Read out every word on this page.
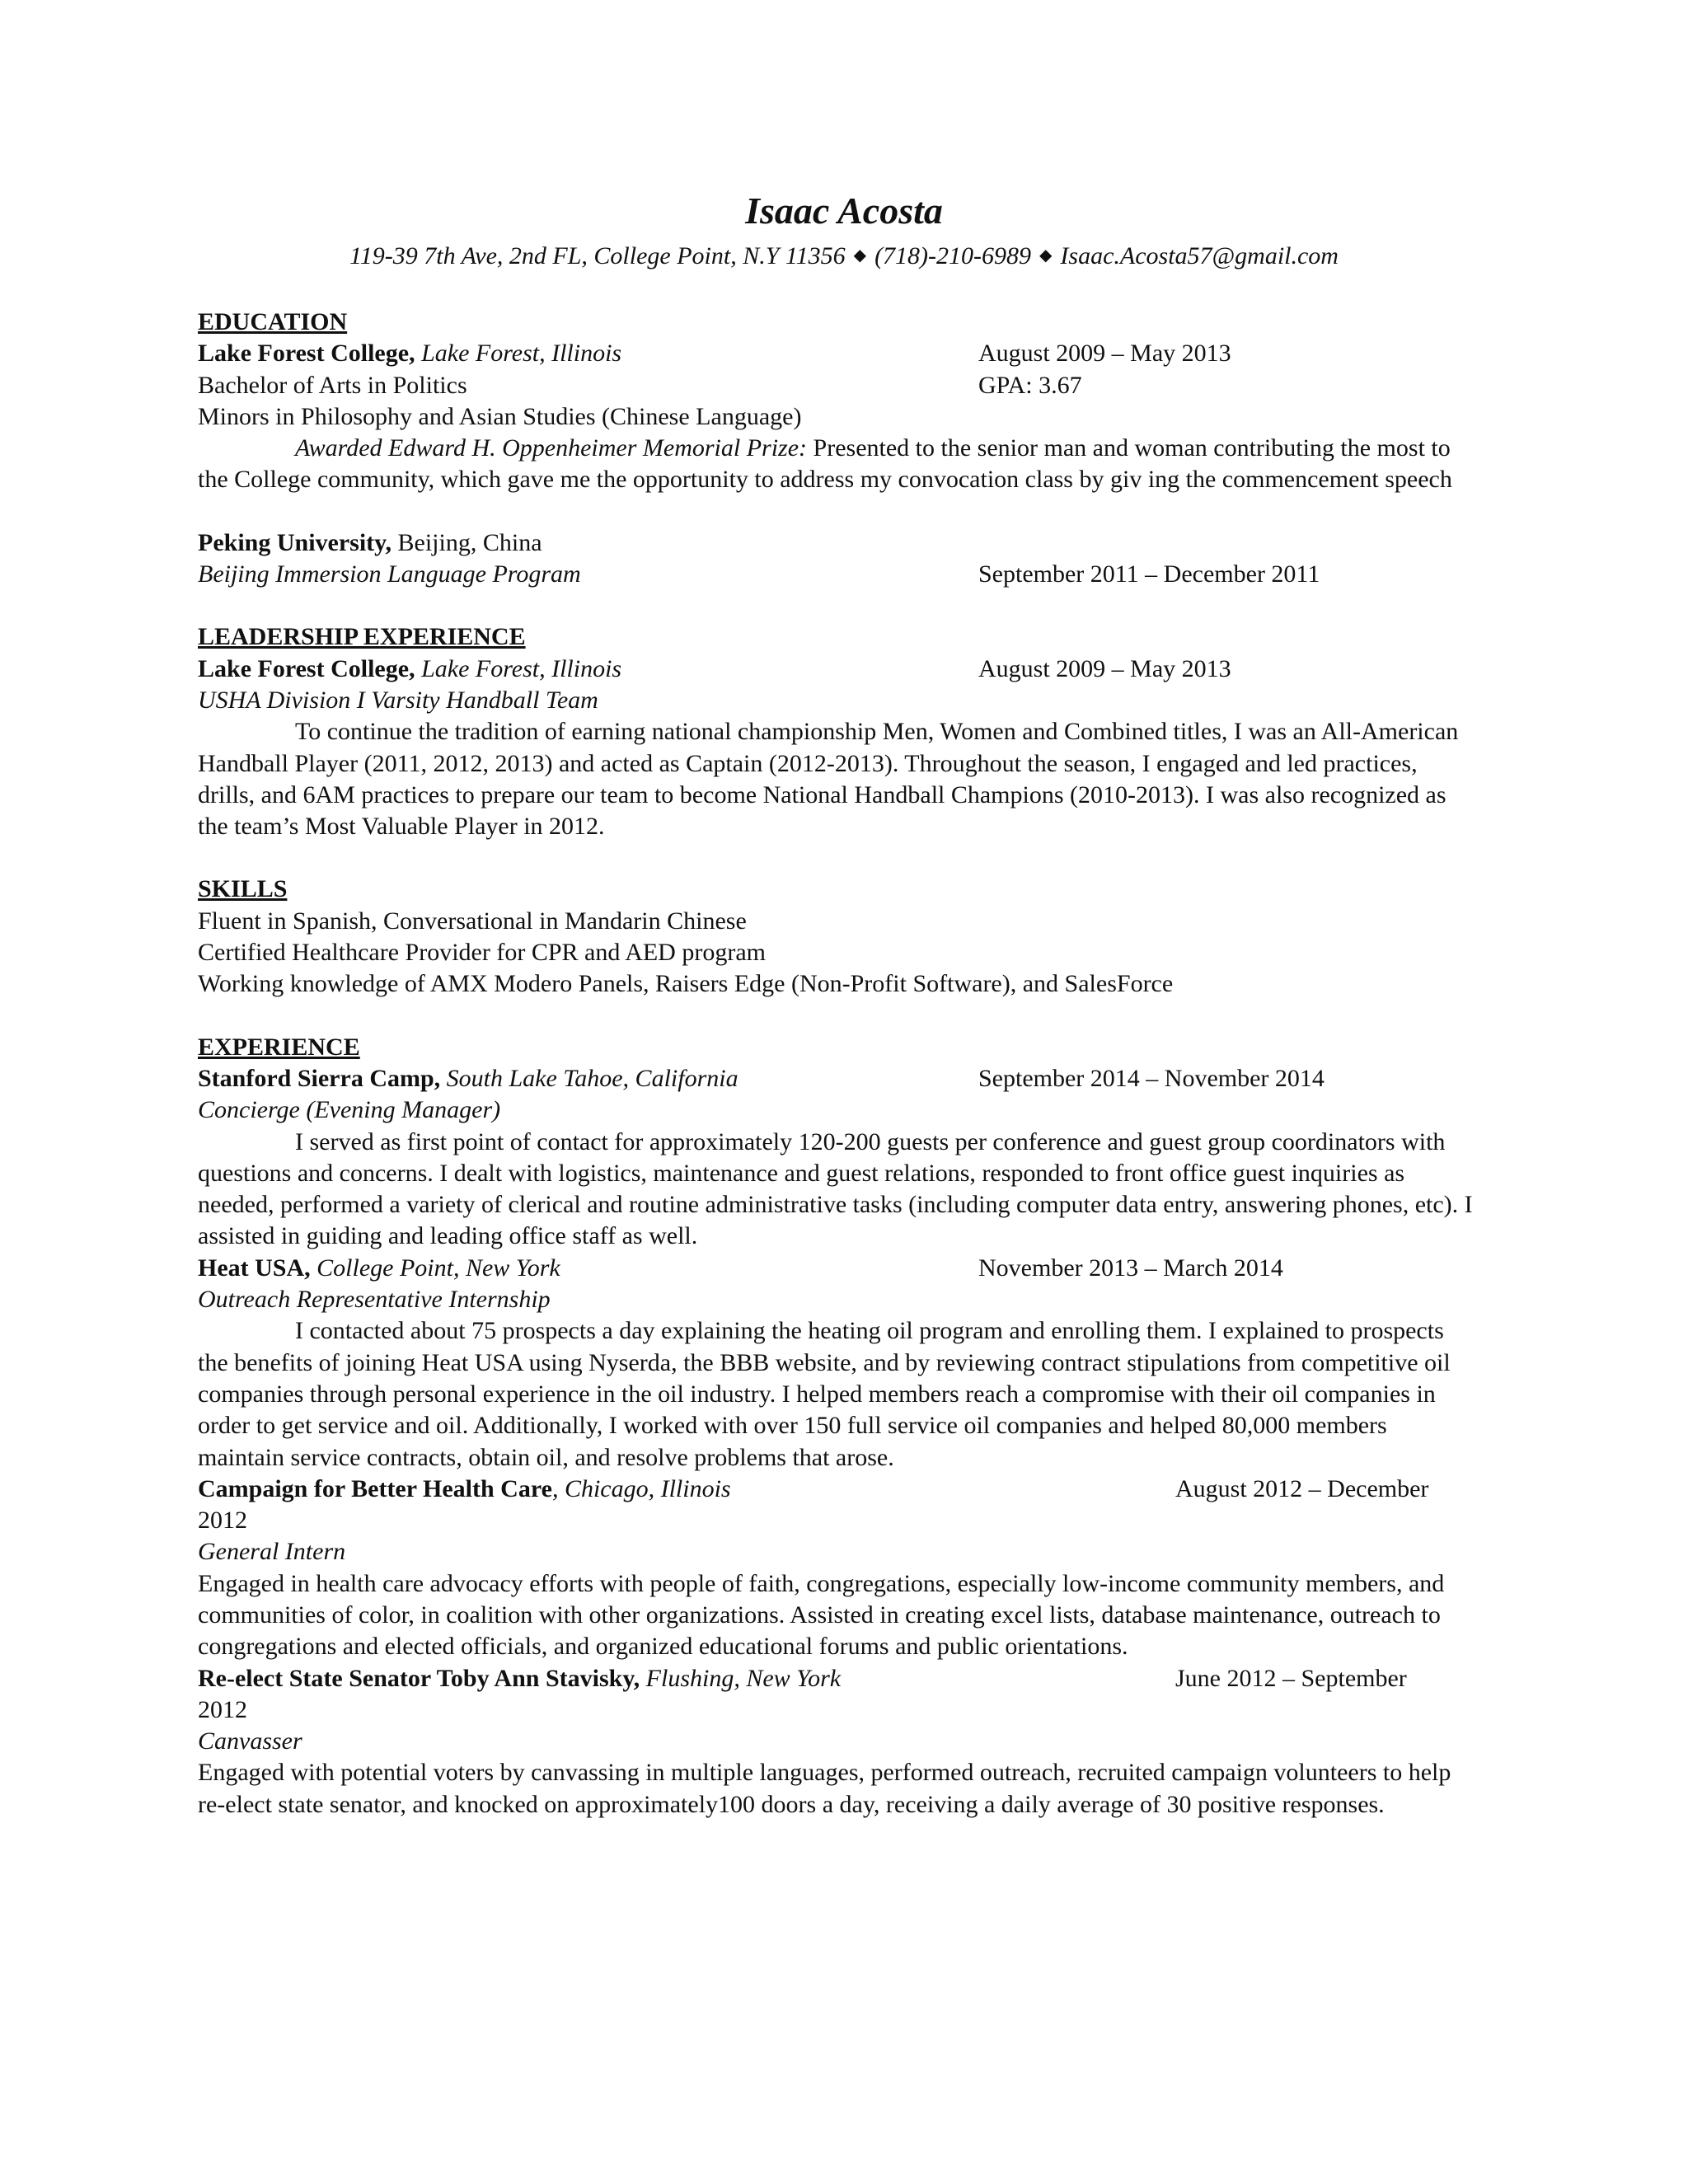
Isaac Acosta
119-39 7th Ave, 2nd FL, College Point, N.Y 11356 ◆ (718)-210-6989 ◆ Isaac.Acosta57@gmail.com
EDUCATION
Lake Forest College, Lake Forest, Illinois	August 2009 – May 2013
Bachelor of Arts in Politics	GPA: 3.67
Minors in Philosophy and Asian Studies (Chinese Language)
Awarded Edward H. Oppenheimer Memorial Prize: Presented to the senior man and woman contributing the most to the College community, which gave me the opportunity to address my convocation class by giv ing the commencement speech
Peking University, Beijing, China
Beijing Immersion Language Program	September 2011 – December 2011
LEADERSHIP EXPERIENCE
Lake Forest College, Lake Forest, Illinois	August 2009 – May 2013
USHA Division I Varsity Handball Team
To continue the tradition of earning national championship Men, Women and Combined titles, I was an All-American Handball Player (2011, 2012, 2013) and acted as Captain (2012-2013). Throughout the season, I engaged and led practices, drills, and 6AM practices to prepare our team to become National Handball Champions (2010-2013). I was also recognized as the team’s Most Valuable Player in 2012.
SKILLS
Fluent in Spanish, Conversational in Mandarin Chinese
Certified Healthcare Provider for CPR and AED program
Working knowledge of AMX Modero Panels, Raisers Edge (Non-Profit Software), and SalesForce
EXPERIENCE
Stanford Sierra Camp, South Lake Tahoe, California	September 2014 – November 2014
Concierge (Evening Manager)
I served as first point of contact for approximately 120-200 guests per conference and guest group coordinators with questions and concerns. I dealt with logistics, maintenance and guest relations, responded to front office guest inquiries as needed, performed a variety of clerical and routine administrative tasks (including computer data entry, answering phones, etc). I assisted in guiding and leading office staff as well.
Heat USA, College Point, New York	November 2013 – March 2014
Outreach Representative Internship
I contacted about 75 prospects a day explaining the heating oil program and enrolling them. I explained to prospects the benefits of joining Heat USA using Nyserda, the BBB website, and by reviewing contract stipulations from competitive oil companies through personal experience in the oil industry. I helped members reach a compromise with their oil companies in order to get service and oil. Additionally, I worked with over 150 full service oil companies and helped 80,000 members maintain service contracts, obtain oil, and resolve problems that arose.
Campaign for Better Health Care, Chicago, Illinois	August 2012 – December
2012
General Intern
Engaged in health care advocacy efforts with people of faith, congregations, especially low-income community members, and communities of color, in coalition with other organizations. Assisted in creating excel lists, database maintenance, outreach to congregations and elected officials, and organized educational forums and public orientations.
Re-elect State Senator Toby Ann Stavisky, Flushing, New York	June 2012 – September
2012
Canvasser
Engaged with potential voters by canvassing in multiple languages, performed outreach, recruited campaign volunteers to help re-elect state senator, and knocked on approximately100 doors a day, receiving a daily average of 30 positive responses.
